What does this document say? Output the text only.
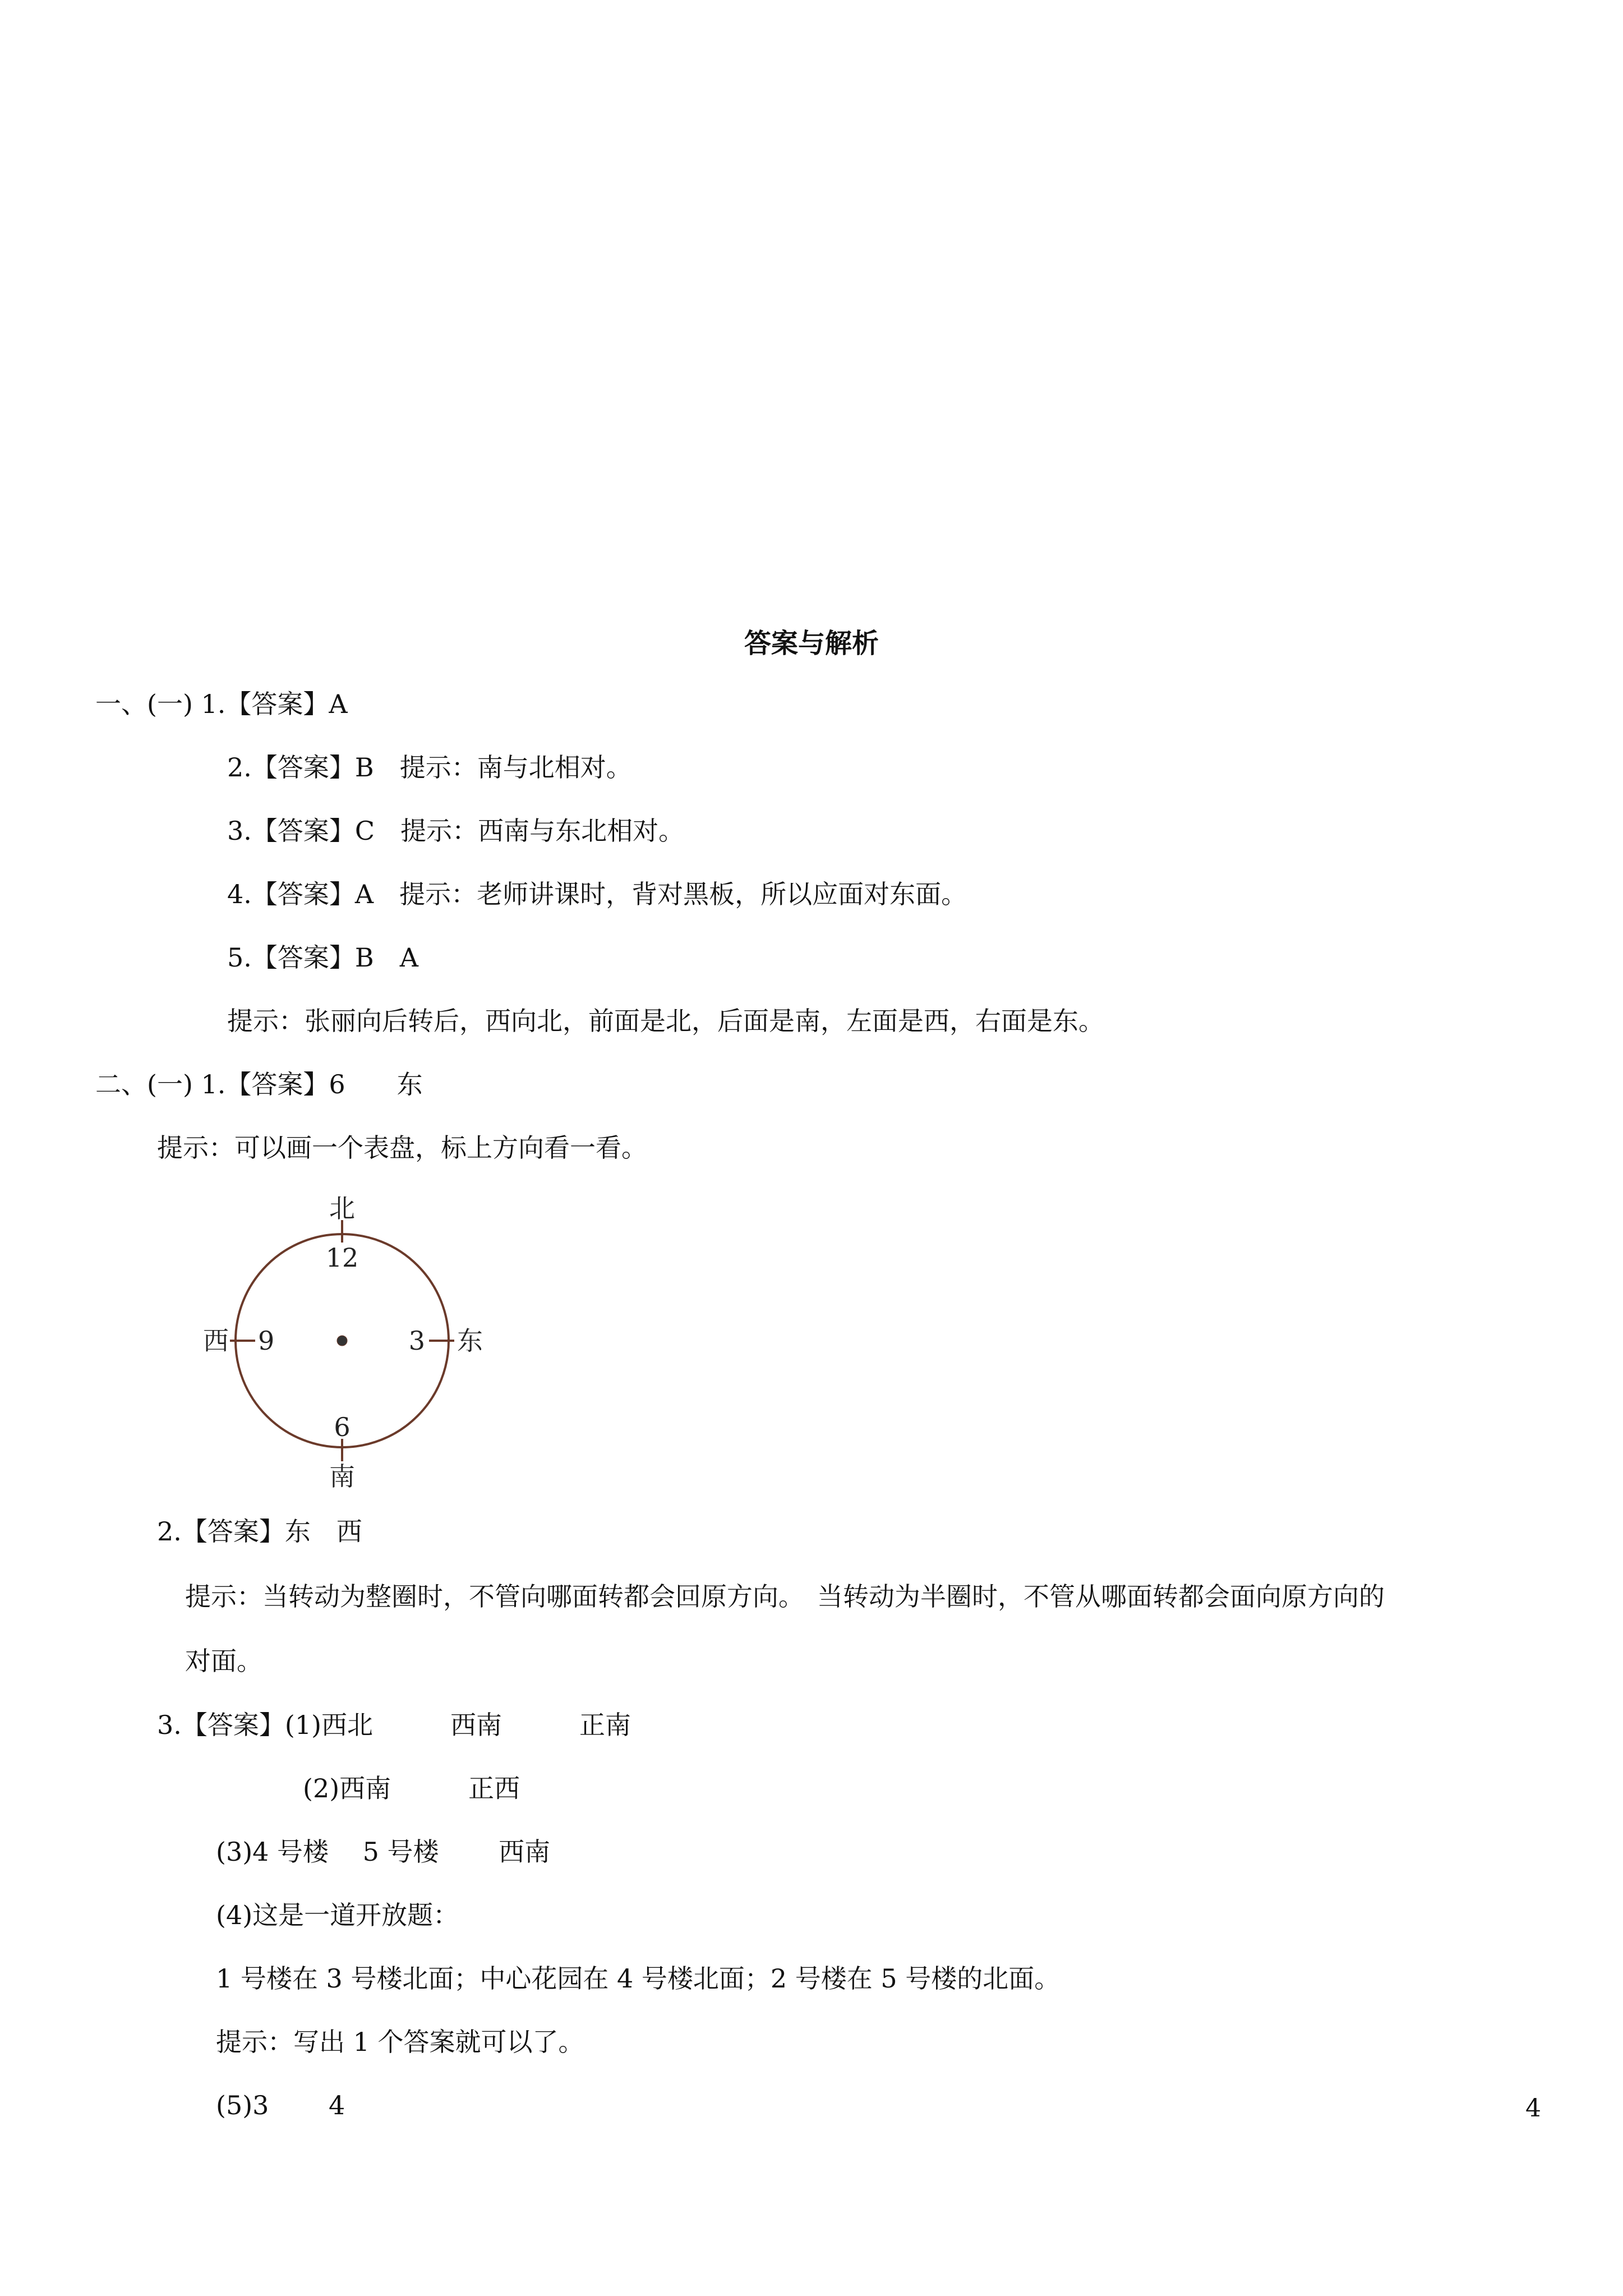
答案与解析

一、(一) 1.【答案】A

2.【答案】B　提示：南与北相对。

3.【答案】C　提示：西南与东北相对。

4.【答案】A　提示：老师讲课时，背对黑板，所以应面对东面。

5.【答案】B　A

提示：张丽向后转后，西向北，前面是北，后面是南，左面是西，右面是东。

二、(一) 1.【答案】6　　东

提示：可以画一个表盘，标上方向看一看。

北
12
3 东
9
西
6
南

2.【答案】东　西

提示：当转动为整圈时，不管向哪面转都会回原方向。　当转动为半圈时，不管从哪面转都会面向原方向的

对面。

3.【答案】(1)西北　　　西南　　　正南

(2)西南　　　正西

(3)4 号楼　 5 号楼　　 西南

(4)这是一道开放题：

1 号楼在 3 号楼北面；中心花园在 4 号楼北面；2 号楼在 5 号楼的北面。

提示：写出 1 个答案就可以了。

(5)3　　 4	4
